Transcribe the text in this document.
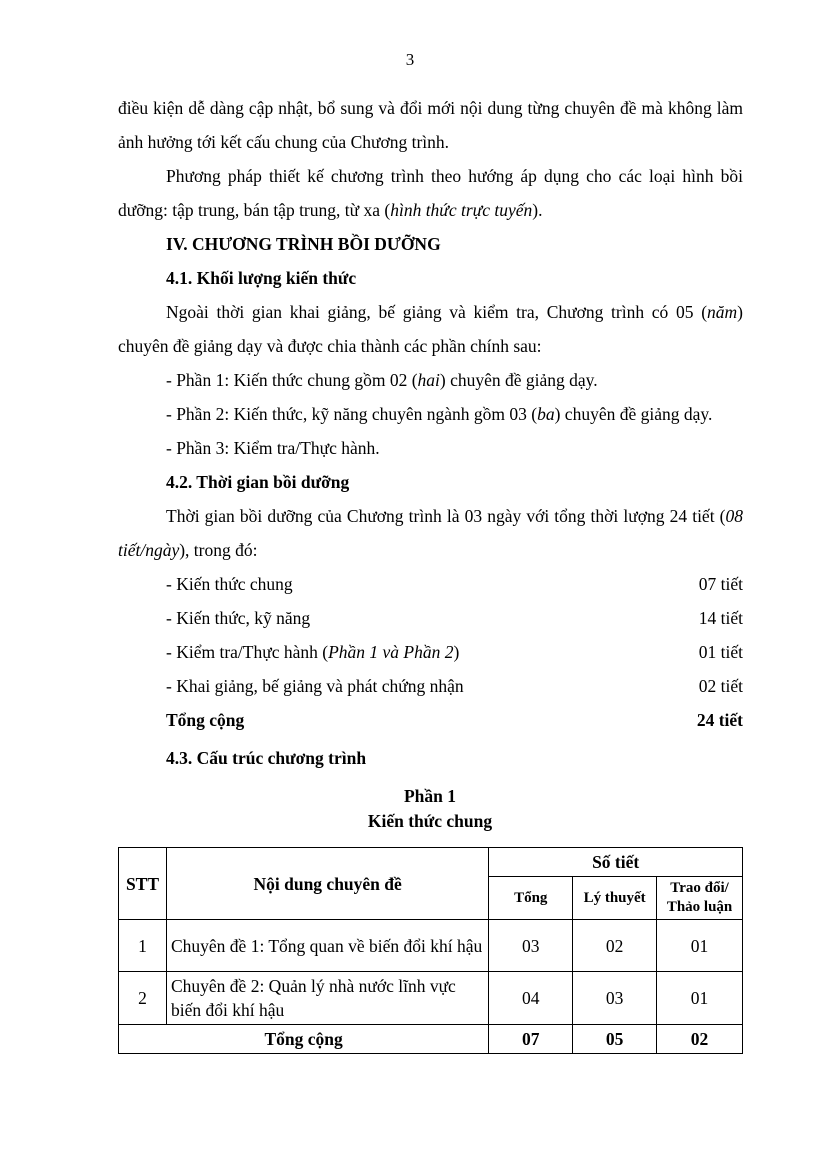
3

điều kiện dễ dàng cập nhật, bổ sung và đổi mới nội dung từng chuyên đề mà không làm ảnh hưởng tới kết cấu chung của Chương trình.

Phương pháp thiết kế chương trình theo hướng áp dụng cho các loại hình bồi dưỡng: tập trung, bán tập trung, từ xa (hình thức trực tuyến).

IV. CHƯƠNG TRÌNH BỒI DƯỠNG

4.1. Khối lượng kiến thức

Ngoài thời gian khai giảng, bế giảng và kiểm tra, Chương trình có 05 (năm) chuyên đề giảng dạy và được chia thành các phần chính sau:

- Phần 1: Kiến thức chung gồm 02 (hai) chuyên đề giảng dạy.

- Phần 2: Kiến thức, kỹ năng chuyên ngành gồm 03 (ba) chuyên đề giảng dạy.

- Phần 3: Kiểm tra/Thực hành.

4.2. Thời gian bồi dưỡng

Thời gian bồi dưỡng của Chương trình là 03 ngày với tổng thời lượng 24 tiết (08 tiết/ngày), trong đó:

- Kiến thức chung	07 tiết
- Kiến thức, kỹ năng	14 tiết
- Kiểm tra/Thực hành (Phần 1 và Phần 2)	01 tiết
- Khai giảng, bế giảng và phát chứng nhận	02 tiết
Tổng cộng	24 tiết

4.3. Cấu trúc chương trình

Phần 1
Kiến thức chung
STT	Nội dung chuyên đề	Số tiết		
		Tổng	Lý thuyết	Trao đổi/ Thảo luận
1	Chuyên đề 1: Tổng quan về biến đổi khí hậu	03	02	01
2	Chuyên đề 2: Quản lý nhà nước lĩnh vực biến đổi khí hậu	04	03	01
Tổng cộng		07	05	02
